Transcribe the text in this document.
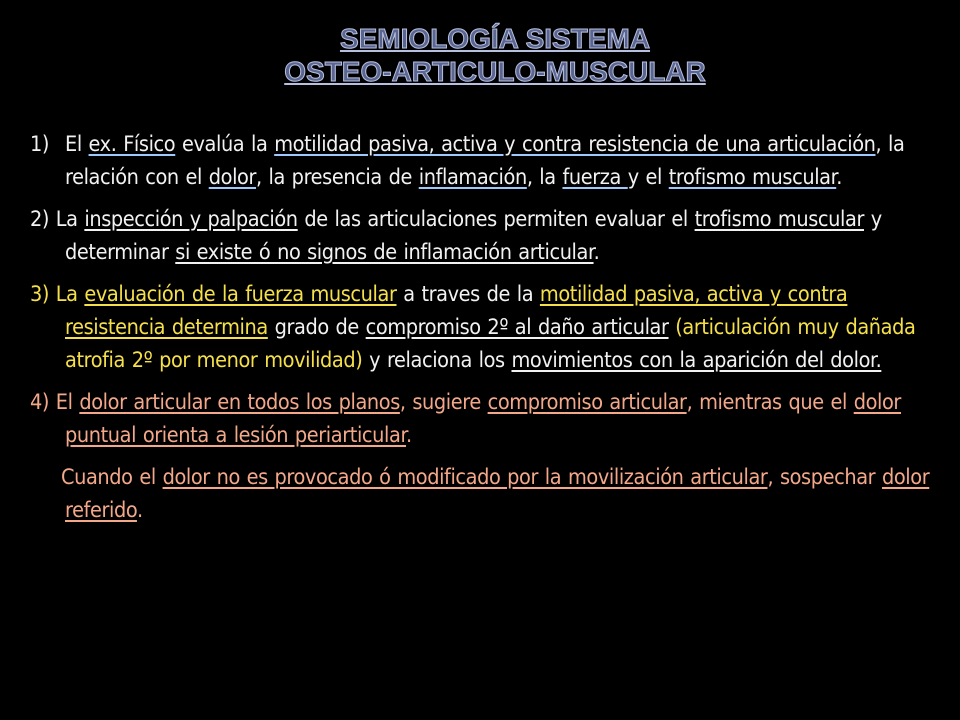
SEMIOLOGÍA SISTEMA
OSTEO-ARTICULO-MUSCULAR

1) El ex. Físico evalúa la motilidad pasiva, activa y contra resistencia de una articulación, la relación con el dolor, la presencia de inflamación, la fuerza y el trofismo muscular.

2) La inspección y palpación de las articulaciones permiten evaluar el trofismo muscular y determinar si existe ó no signos de inflamación articular.

3) La evaluación de la fuerza muscular a traves de la motilidad pasiva, activa y contra resistencia determina grado de compromiso 2º al daño articular (articulación muy dañada atrofia 2º por menor movilidad) y relaciona los movimientos con la aparición del dolor.

4) El dolor articular en todos los planos, sugiere compromiso articular, mientras que el dolor puntual orienta a lesión periarticular.

Cuando el dolor no es provocado ó modificado por la movilización articular, sospechar dolor referido.
